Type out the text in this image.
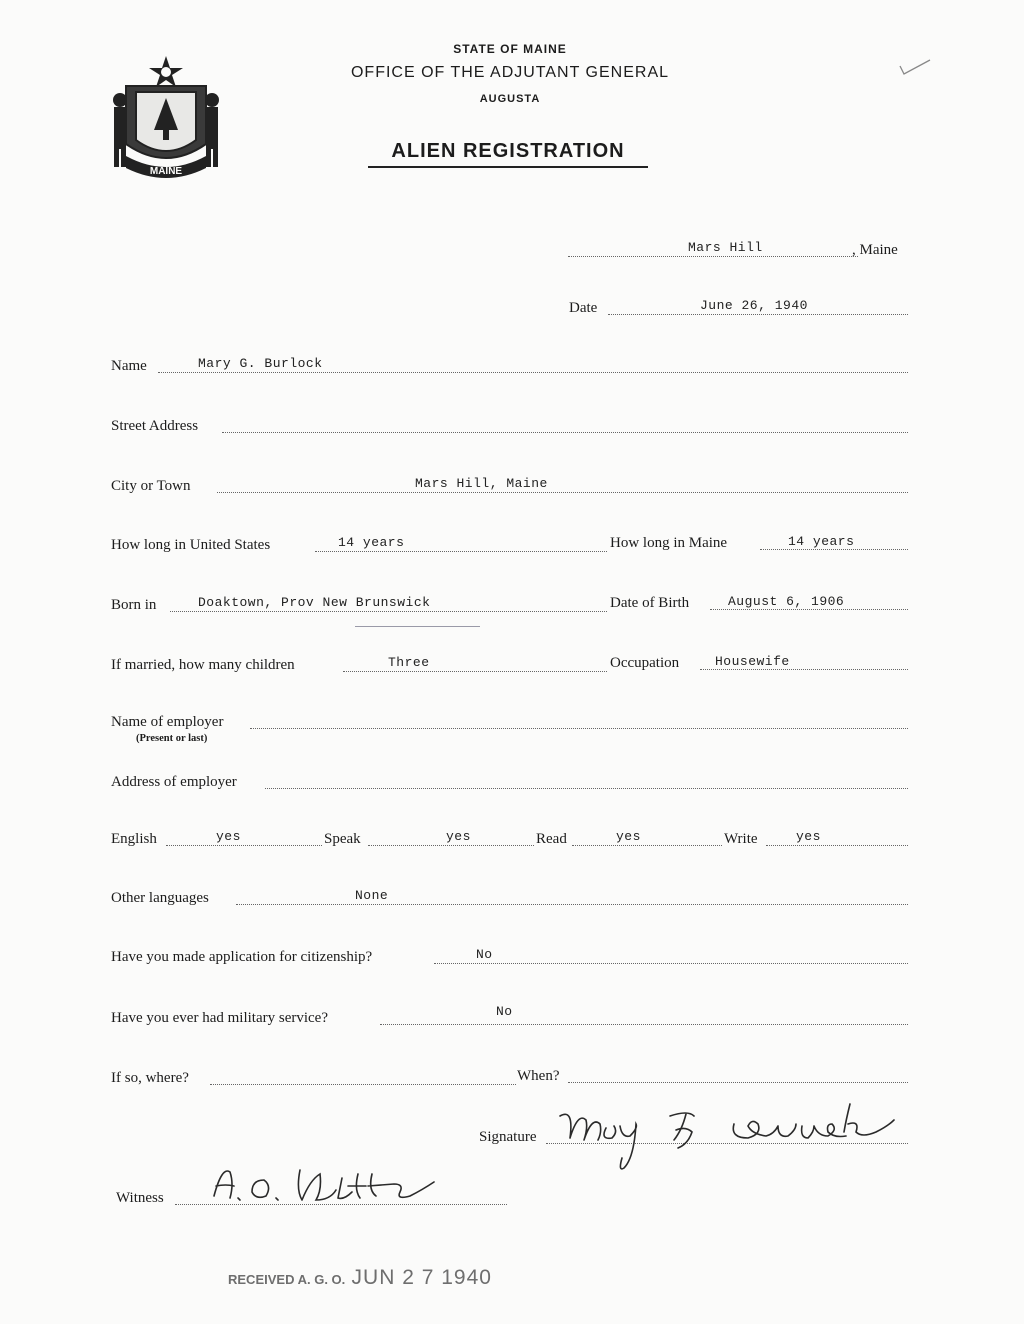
MAINE
STATE OF MAINE
OFFICE OF THE ADJUTANT GENERAL
AUGUSTA
ALIEN REGISTRATION
Mars Hill	, Maine
Date	June 26, 1940
Name	Mary G. Burlock
Street Address
City or Town	Mars Hill, Maine
How long in United States	14 years	How long in Maine	14 years
Born in	Doaktown, Prov New Brunswick	Date of Birth	August 6, 1906
If married, how many children	Three	Occupation	Housewife
Name of employer
(Present or last)
Address of employer
English	yes	Speak	yes	Read	yes	Write	yes
Other languages	None
Have you made application for citizenship?	No
Have you ever had military service?	No
If so, where?	When?
Signature
Witness
RECEIVED A. G. O. JUN 2 7 1940
